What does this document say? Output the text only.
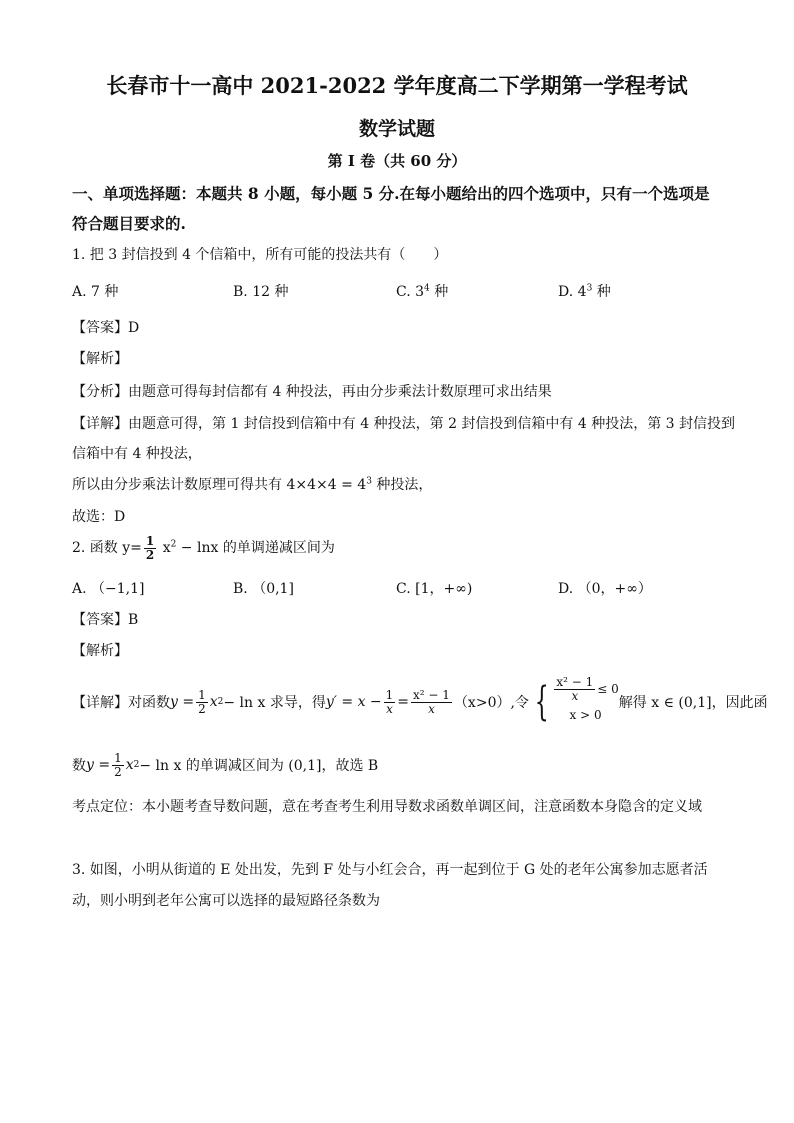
长春市十一高中 2021-2022 学年度高二下学期第一学程考试
数学试题
第 I 卷（共 60 分）
一、单项选择题：本题共 8 小题，每小题 5 分.在每小题给出的四个选项中，只有一个选项是
符合题目要求的.
1. 把 3 封信投到 4 个信箱中，所有可能的投法共有（　　）
A. 7 种	B. 12 种	C. $3^4$ 种	D. $4^3$ 种
【答案】D
【解析】
【分析】由题意可得每封信都有 4 种投法，再由分步乘法计数原理可求出结果
【详解】由题意可得，第 1 封信投到信箱中有 4 种投法，第 2 封信投到信箱中有 4 种投法，第 3 封信投到
信箱中有 4 种投法，
所以由分步乘法计数原理可得共有 $4\times 4\times 4 = 4^3$ 种投法，
故选：D
2. 函数 $y= \frac{1}{2} x^2 - \ln x$ 的单调递减区间为
A. （−1,1]	B. （0,1]	C. [1，+∞)	D. （0，+∞）
【答案】B
【解析】
【详解】 对函数 $y = \frac{1}{2}$ x 2 − ln x 求导，得 $y' = x - \frac{1}{x} = \frac{\text{x² − 1}}{x} (x>0)$,令 { $\frac{\text{x² − 1}}{x} \le 0$
x > 0
解得 x ∈ (0,1]，因此函
数 $y = \frac{1}{2}$ x 2 − ln x 的单调减区间为 (0,1]，故选 B
考点定位：本小题考查导数问题，意在考查考生利用导数求函数单调区间，注意函数本身隐含的定义域
3. 如图，小明从街道的 E 处出发，先到 F 处与小红会合，再一起到位于 G 处的老年公寓参加志愿者活
动，则小明到老年公寓可以选择的最短路径条数为
